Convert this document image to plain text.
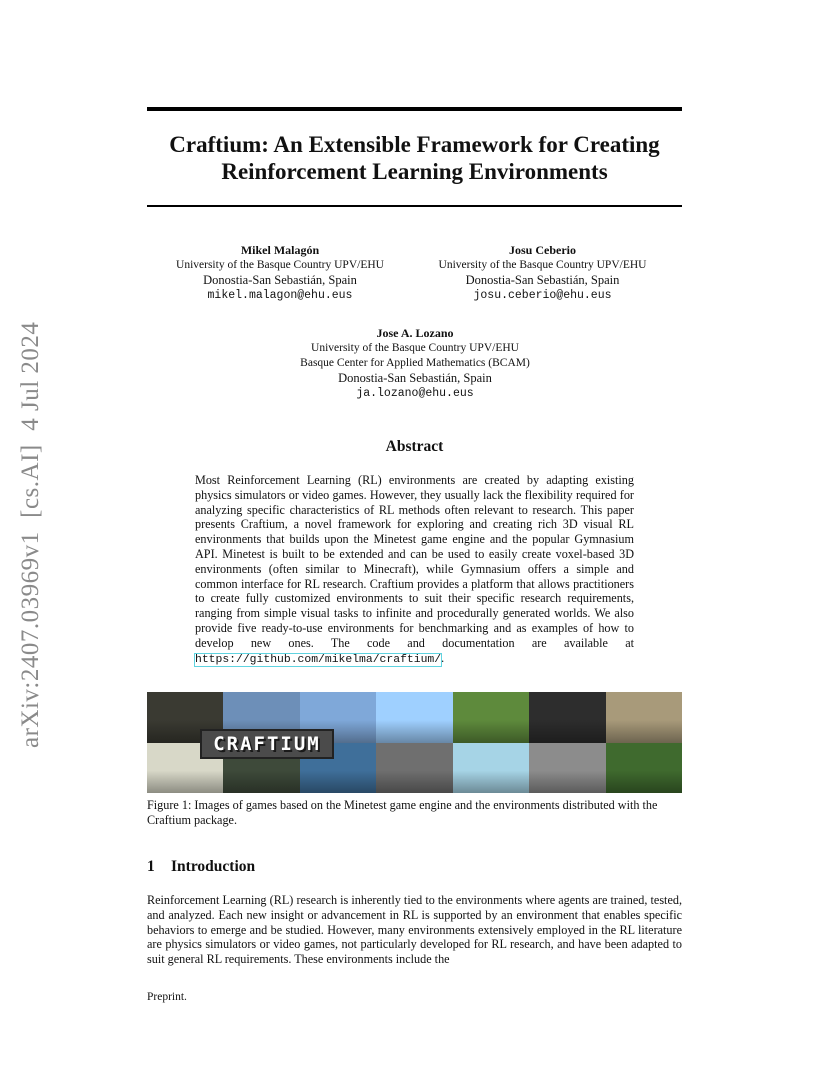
Craftium: An Extensible Framework for Creating Reinforcement Learning Environments
Mikel Malagón
University of the Basque Country UPV/EHU
Donostia-San Sebastián, Spain
mikel.malagon@ehu.eus
Josu Ceberio
University of the Basque Country UPV/EHU
Donostia-San Sebastián, Spain
josu.ceberio@ehu.eus
Jose A. Lozano
University of the Basque Country UPV/EHU
Basque Center for Applied Mathematics (BCAM)
Donostia-San Sebastián, Spain
ja.lozano@ehu.eus
Abstract
Most Reinforcement Learning (RL) environments are created by adapting existing physics simulators or video games. However, they usually lack the flexibility required for analyzing specific characteristics of RL methods often relevant to research. This paper presents Craftium, a novel framework for exploring and creating rich 3D visual RL environments that builds upon the Minetest game engine and the popular Gymnasium API. Minetest is built to be extended and can be used to easily create voxel-based 3D environments (often similar to Minecraft), while Gymnasium offers a simple and common interface for RL research. Craftium provides a platform that allows practitioners to create fully customized environments to suit their specific research requirements, ranging from simple visual tasks to infinite and procedurally generated worlds. We also provide five ready-to-use environments for benchmarking and as examples of how to develop new ones. The code and documentation are available at https://github.com/mikelma/craftium/.
CRAFTIUM
Figure 1: Images of games based on the Minetest game engine and the environments distributed with the Craftium package.
1 Introduction
Reinforcement Learning (RL) research is inherently tied to the environments where agents are trained, tested, and analyzed. Each new insight or advancement in RL is supported by an environment that enables specific behaviors to emerge and be studied. However, many environments extensively employed in the RL literature are physics simulators or video games, not particularly developed for RL research, and have been adapted to suit general RL requirements. These environments include the
Preprint.
arXiv:2407.03969v1  [cs.AI]  4 Jul 2024
